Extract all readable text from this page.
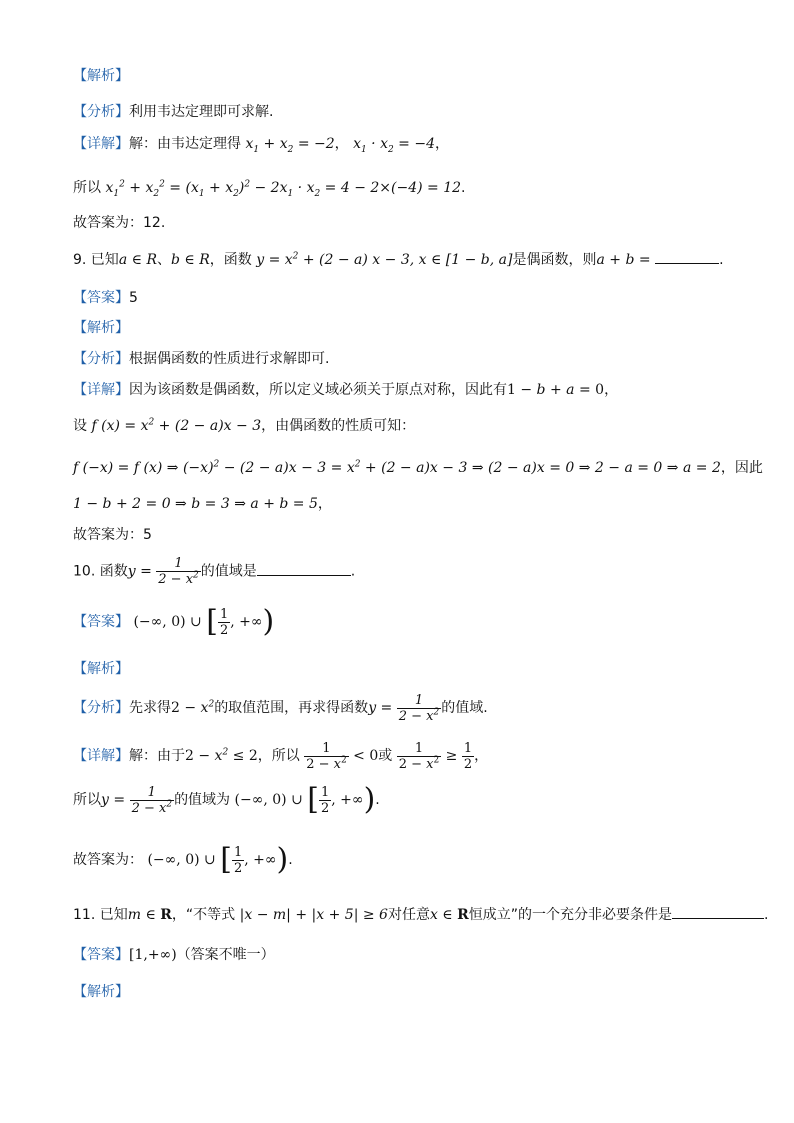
【解析】
【分析】利用韦达定理即可求解.
【详解】解：由韦达定理得 $x_1 + x_2 = -2$， $x_1 \cdot x_2 = -4$，
所以 $x_1^2 + x_2^2 = (x_1 + x_2)^2 - 2x_1 \cdot x_2 = 4 - 2\times(-4) = 12$.
故答案为：12.
9. 已知a ∈ R、b ∈ R，函数 $y = x^2 + (2 - a) x - 3$, x ∈ [1 − b, a]是偶函数，则a + b =	.
【答案】5
【解析】
【分析】根据偶函数的性质进行求解即可.
【详解】因为该函数是偶函数，所以定义域必须关于原点对称，因此有1 − b + a = 0，
设 f $(x) = x^2 + (2 - a)x - 3$，由偶函数的性质可知：
f (−x) = f (x) ⇒ $(-x)^2 - (2 - a)x - 3 = x^2 + (2 - a)x - 3$ ⇒ (2 − a)x = 0 ⇒ 2 − a = 0 ⇒ a = 2，因此
1 − b + 2 = 0 ⇒ b = 3 ⇒ a + b = 5，
故答案为：5
10. 函数$y = \frac{1}{2 - x^2}$ 的值域是	.
【答案】 (−∞, 0) ∪ [ $\frac{1}{2}$ , +∞)
【解析】
【分析】先求得$2 - x^2$的取值范围，再求得函数$y = \frac{1}{2 - x^2}$ 的值域.
【详解】解：由于$2 - x^2 \le 2$，所以 $\frac{1}{2 - x^2} < 0$或 $\frac{1}{2 - x^2} \ge \frac{1}{2}$ ，
所以$y = \frac{1}{2 - x^2}$ 的值域为 (−∞, 0) ∪ [ $\frac{1}{2}$ , +∞).
故答案为： (−∞, 0) ∪ [ $\frac{1}{2}$ , +∞).
11. 已知m ∈ R，“不等式 |x − m| + |x + 5| ≥ 6对任意x ∈ R恒成立”的一个充分非必要条件是	.
【答案】[1,+∞)（答案不唯一）
【解析】
